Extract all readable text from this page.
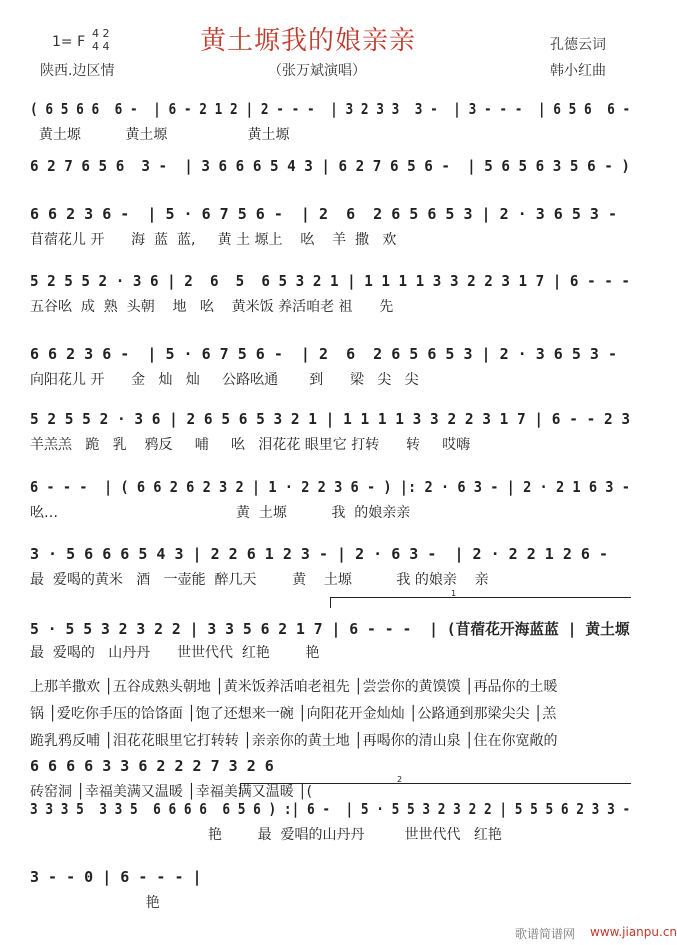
1= F
4 2
4 4	黄土塬我的娘亲亲
陕西.边区情	（张万斌演唱）
孔德云词
韩小红曲
( 6 5 6 6  6 -  | 6 - 2 1 2 | 2 - - -  | 3 2 3 3  3 -  | 3 - - -  | 6 5 6  6 -
黄土塬          黄土塬                  黄土塬
6 2 7 6 5 6  3 -  | 3 6 6 6 5 4 3 | 6 2 7 6 5 6 -  | 5 6 5 6 3 5 6 - )
6 6 2 3 6 -  | 5 · 6 7 5 6 -  | 2  6  2 6 5 6 5 3 | 2 · 3 6 5 3 -
苜蓿花儿 开      海  蓝  蓝,     黄 土 塬上    吆    羊  撒   欢
5 2 5 5 2 · 3 6 | 2  6  5  6 5 3 2 1 | 1 1 1 1 3 3 2 2 3 1 7 | 6 - - -
五谷吆  成  熟  头朝    地   吆    黄米饭 养活咱老 祖      先
6 6 2 3 6 -  | 5 · 6 7 5 6 -  | 2  6  2 6 5 6 5 3 | 2 · 3 6 5 3 -
向阳花儿 开      金   灿   灿     公路吆通       到      梁   尖   尖
5 2 5 5 2 · 3 6 | 2 6 5 6 5 3 2 1 | 1 1 1 1 3 3 2 2 3 1 7 | 6 - - 2 3
羊羔羔   跪   乳    鸦反     哺     吆   泪花花 眼里它 打转      转     哎嗨
6 - - -  | ( 6 6 2 6 2 3 2 | 1 · 2 2 3 6 - ) |: 2 · 6 3 - | 2 · 2 1 6 3 -
吆…                                        黄  土塬          我  的娘亲亲
3 · 5 6 6 6 5 4 3 | 2 2 6 1 2 3 - | 2 · 6 3 -  | 2 · 2 2 1 2 6 -
最  爱喝的黄米   酒   一壶能  醉几天        黄    土塬          我 的娘亲    亲
5 · 5 5 3 2 3 2 2 | 3 3 5 6 2 1 7 | 6 - - -  | (苜蓿花开海蓝蓝 | 黄土塬
最  爱喝的   山丹丹      世世代代  红艳        艳
上那羊撒欢 │五谷成熟头朝地 │黄米饭养活咱老祖先 │尝尝你的黄馍馍 │再品你的土暖
锅 │爱吃你手压的饸饹面 │饱了还想来一碗 │向阳花开金灿灿 │公路通到那梁尖尖 │羔
跪乳鸦反哺 │泪花花眼里它打转转 │亲亲你的黄土地 │再喝你的清山泉 │住在你宽敞的
6 6 6 6 3 3 6 2 2 2 7 3 2 6
砖窑洞 │幸福美满又温暖 │幸福美满又温暖 │(
3 3 3 5  3 3 5  6 6 6 6  6 5 6 ) :| 6 -  | 5 · 5 5 3 2 3 2 2 | 5 5 5 6 2 3 3 -
艳        最  爱唱的山丹丹         世世代代   红艳
3 - - 0 | 6 - - - |
艳
1
2
歌谱简谱网 www.jianpu.cn
